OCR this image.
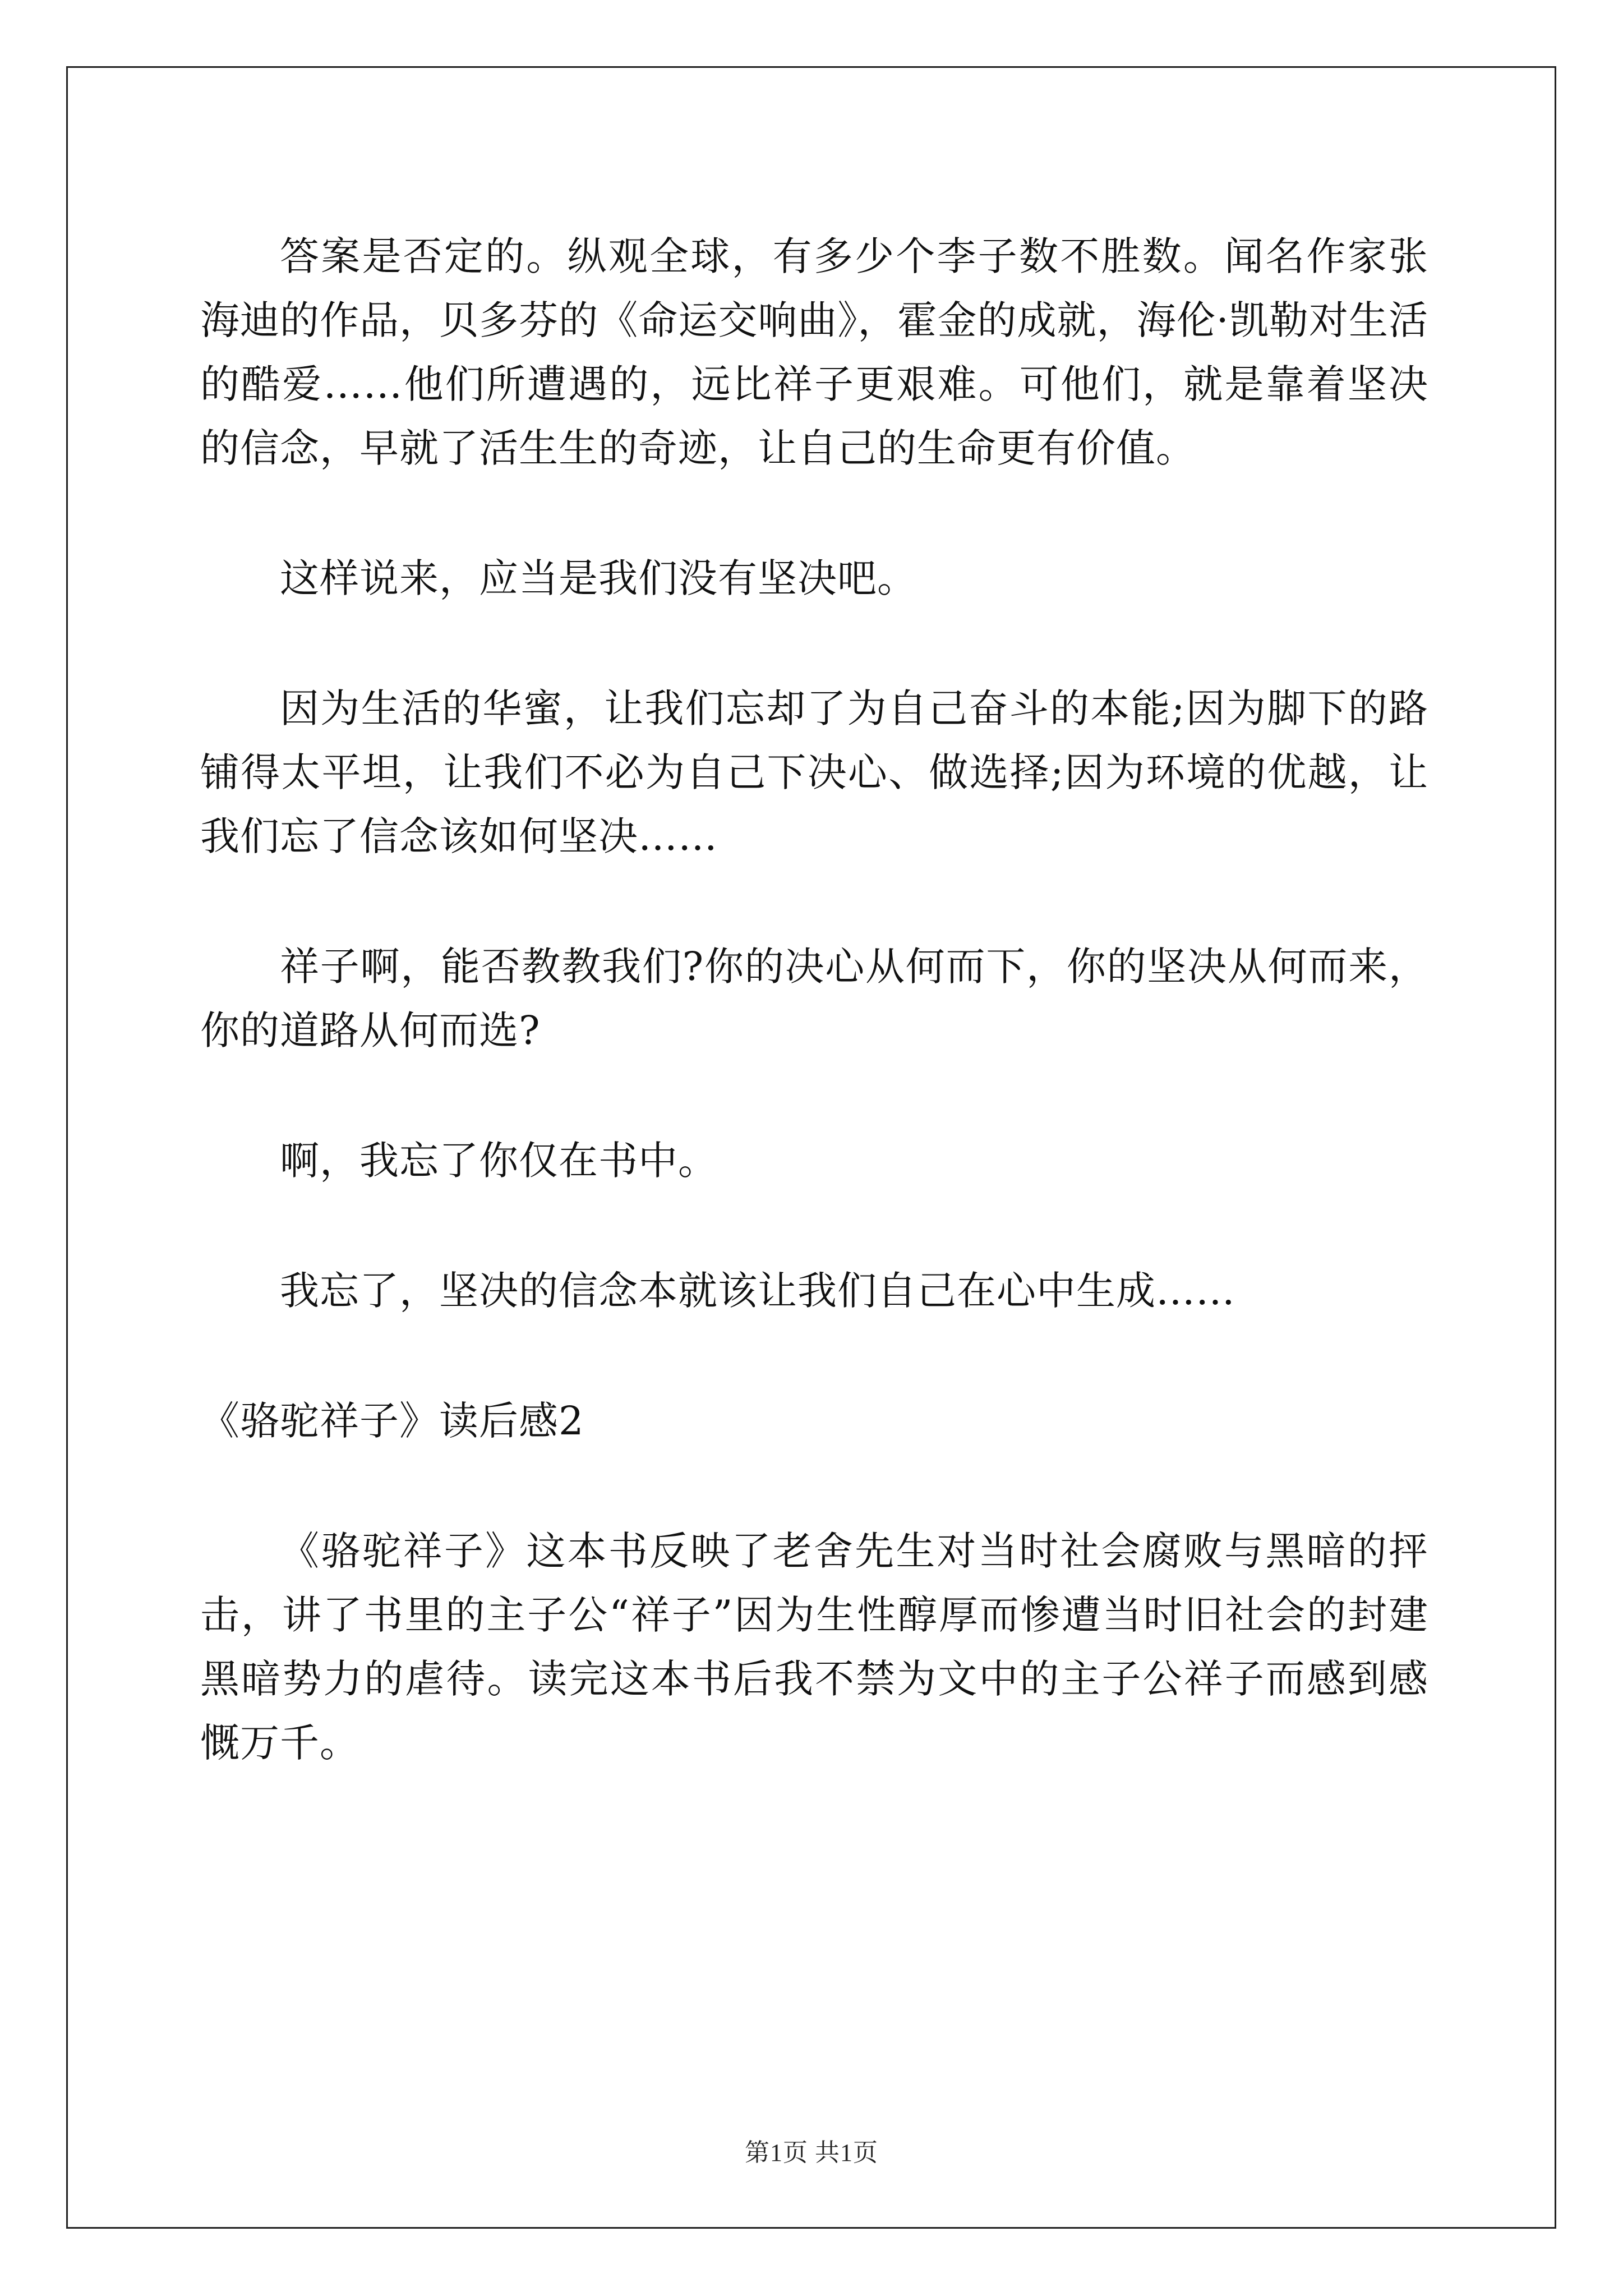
答案是否定的。纵观全球，有多少个李子数不胜数。闻名作家张海迪的作品，贝多芬的《命运交响曲》，霍金的成就，海伦·凯勒对生活的酷爱……他们所遭遇的，远比祥子更艰难。可他们，就是靠着坚决的信念，早就了活生生的奇迹，让自己的生命更有价值。

这样说来，应当是我们没有坚决吧。

因为生活的华蜜，让我们忘却了为自己奋斗的本能;因为脚下的路铺得太平坦，让我们不必为自己下决心、做选择;因为环境的优越，让我们忘了信念该如何坚决……

祥子啊，能否教教我们?你的决心从何而下，你的坚决从何而来，你的道路从何而选?

啊，我忘了你仅在书中。

我忘了，坚决的信念本就该让我们自己在心中生成……

《骆驼祥子》读后感2

《骆驼祥子》这本书反映了老舍先生对当时社会腐败与黑暗的抨击，讲了书里的主子公“祥子”因为生性醇厚而惨遭当时旧社会的封建黑暗势力的虐待。读完这本书后我不禁为文中的主子公祥子而感到感慨万千。

第1页 共1页
